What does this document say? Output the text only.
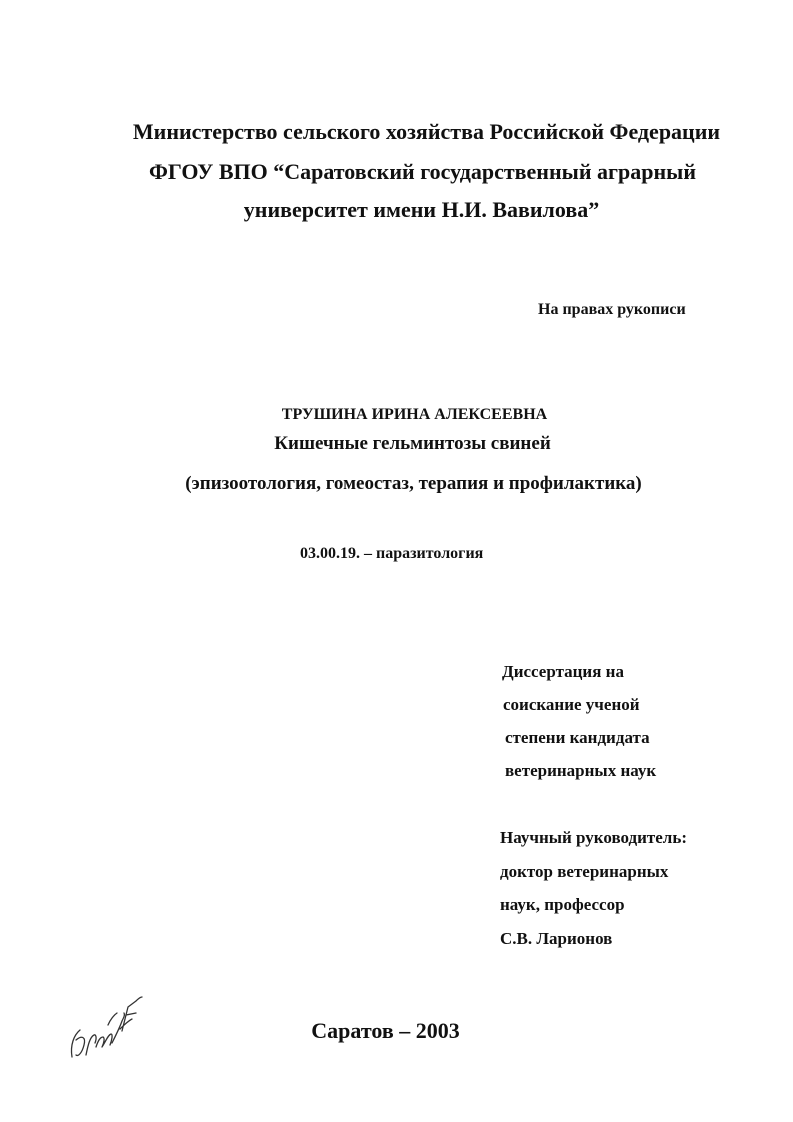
Министерство сельского хозяйства Российской Федерации

ФГОУ ВПО “Саратовский государственный аграрный

университет имени Н.И. Вавилова”

На правах рукописи

ТРУШИНА ИРИНА АЛЕКСЕЕВНА

Кишечные гельминтозы свиней

(эпизоотология, гомеостаз, терапия и профилактика)

03.00.19. – паразитология

Диссертация на

соискание ученой

степени кандидата

ветеринарных наук

Научный руководитель:

доктор ветеринарных

наук, профессор

С.В. Ларионов

Саратов – 2003
